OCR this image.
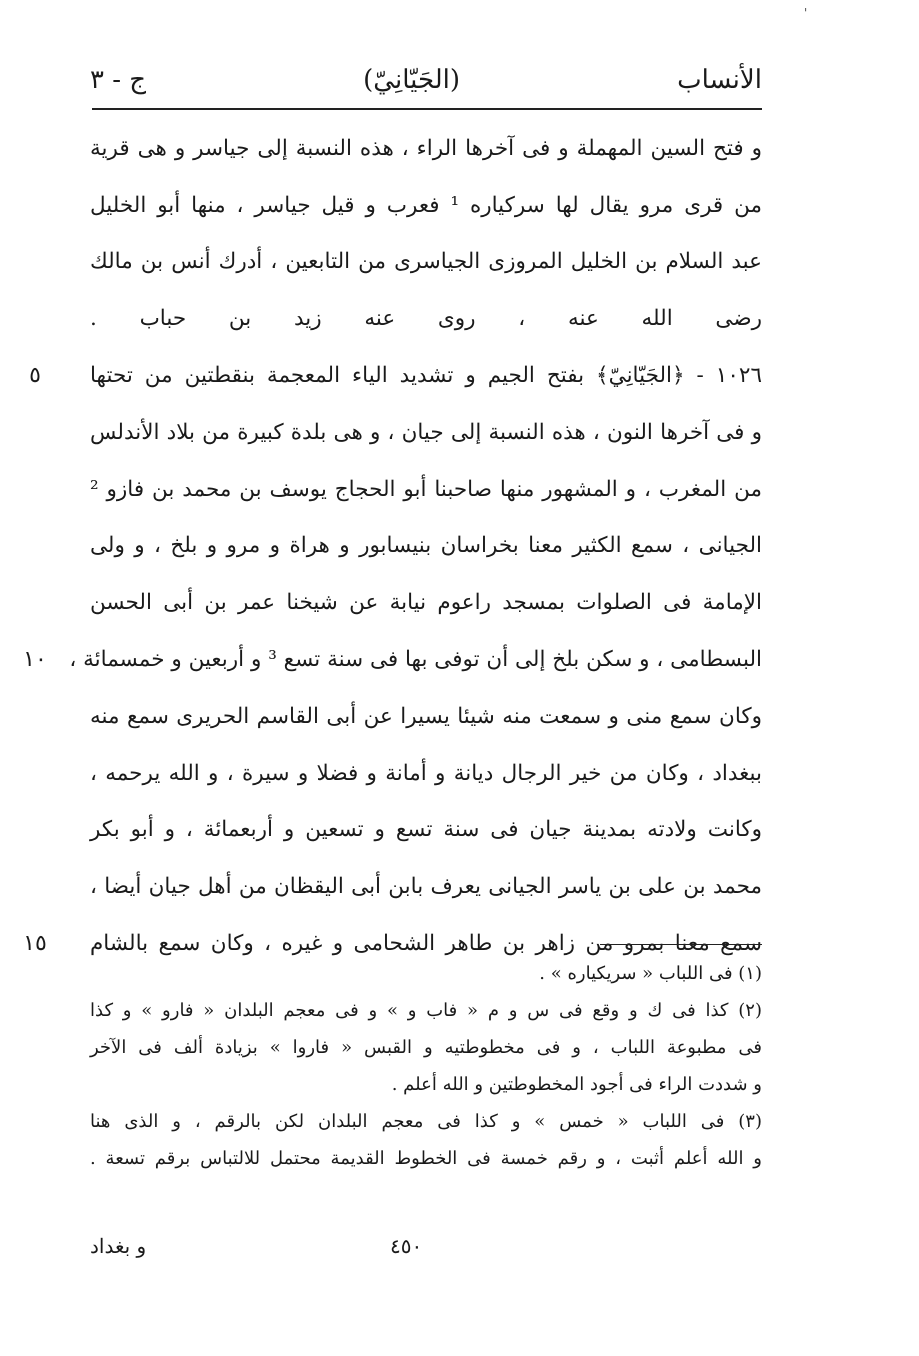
ج - ٣	(الجَيّانِيّ)	الأنساب
و فتح السين المهملة و فى آخرها الراء ، هذه النسبة إلى جياسر و هى قرية
من قرى مرو يقال لها سركياره ¹ فعرب و قيل جياسر ، منها أبو الخليل
عبد السلام بن الخليل المروزى الجياسرى من التابعين ، أدرك أنس بن مالك
رضى الله عنه ، روى عنه زيد بن حباب .
١٠٢٦ - ﴿الجَيّانِيّ﴾ بفتح الجيم و تشديد الياء المعجمة بنقطتين من تحتها
٥
و فى آخرها النون ، هذه النسبة إلى جيان ، و هى بلدة كبيرة من بلاد الأندلس
من المغرب ، و المشهور منها صاحبنا أبو الحجاج يوسف بن محمد بن فازو ²
الجيانى ، سمع الكثير معنا بخراسان بنيسابور و هراة و مرو و بلخ ، و ولى
الإمامة فى الصلوات بمسجد راعوم نيابة عن شيخنا عمر بن أبى الحسن
البسطامى ، و سكن بلخ إلى أن توفى بها فى سنة تسع ³ و أربعين و خمسمائة ،
١٠
وكان سمع منى و سمعت منه شيئا يسيرا عن أبى القاسم الحريرى سمع منه
ببغداد ، وكان من خير الرجال ديانة و أمانة و فضلا و سيرة ، و الله يرحمه ،
وكانت ولادته بمدينة جيان فى سنة تسع و تسعين و أربعمائة ، و أبو بكر
محمد بن على بن ياسر الجيانى يعرف بابن أبى اليقظان من أهل جيان أيضا ،
سمع معنا بمرو من زاهر بن طاهر الشحامى و غيره ، وكان سمع بالشام
١٥
(١) فى اللباب « سريكياره » .
(٢) كذا فى ك و وقع فى س و م « فاب و » و فى معجم البلدان « فارو » و كذا
فى مطبوعة اللباب ، و فى مخطوطتيه و القبس « فاروا » بزيادة ألف فى الآخر
و شددت الراء فى أجود المخطوطتين و الله أعلم .
(٣) فى اللباب « خمس » و كذا فى معجم البلدان لكن بالرقم ، و الذى هنا
و الله أعلم أثبت ، و رقم خمسة فى الخطوط القديمة محتمل للالتباس برقم تسعة .
و بغداد	٤٥٠
'
